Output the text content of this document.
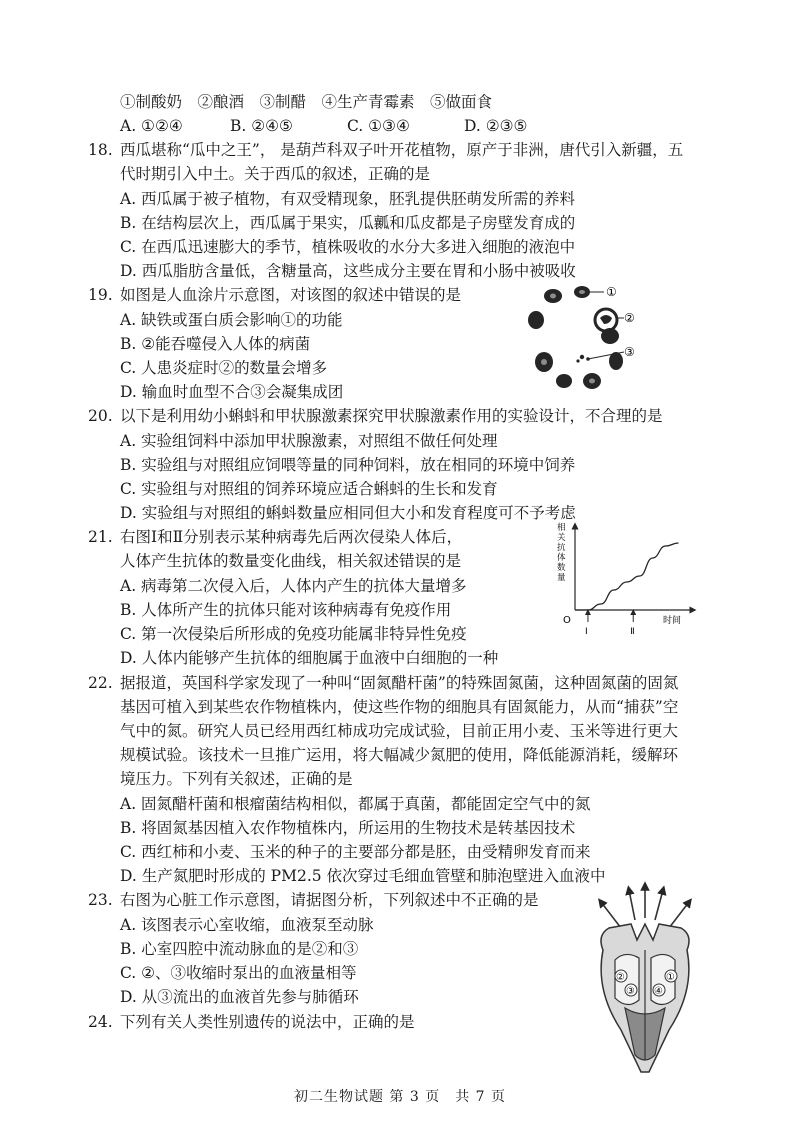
①制酸奶　②酿酒　③制醋　④生产青霉素　⑤做面食
A. ①②④	B. ②④⑤	C. ①③④	D. ②③⑤
18. 西瓜堪称“瓜中之王”， 是葫芦科双子叶开花植物，原产于非洲，唐代引入新疆，五
代时期引入中土。关于西瓜的叙述，正确的是
A. 西瓜属于被子植物，有双受精现象，胚乳提供胚萌发所需的养料
B. 在结构层次上，西瓜属于果实，瓜瓤和瓜皮都是子房壁发育成的
C. 在西瓜迅速膨大的季节，植株吸收的水分大多进入细胞的液泡中
D. 西瓜脂肪含量低，含糖量高，这些成分主要在胃和小肠中被吸收
19. 如图是人血涂片示意图，对该图的叙述中错误的是
A. 缺铁或蛋白质会影响①的功能
B. ②能吞噬侵入人体的病菌
C. 人患炎症时②的数量会增多
D. 输血时血型不合③会凝集成团
①
②
③
20. 以下是利用幼小蝌蚪和甲状腺激素探究甲状腺激素作用的实验设计，不合理的是
A. 实验组饲料中添加甲状腺激素，对照组不做任何处理
B. 实验组与对照组应饲喂等量的同种饲料，放在相同的环境中饲养
C. 实验组与对照组的饲养环境应适合蝌蚪的生长和发育
D. 实验组与对照组的蝌蚪数量应相同但大小和发育程度可不予考虑
21. 右图Ⅰ和Ⅱ分别表示某种病毒先后两次侵染人体后，
人体产生抗体的数量变化曲线，相关叙述错误的是
A. 病毒第二次侵入后，人体内产生的抗体大量增多
B. 人体所产生的抗体只能对该种病毒有免疫作用
C. 第一次侵染后所形成的免疫功能属非特异性免疫
D. 人体内能够产生抗体的细胞属于血液中白细胞的一种
相关抗体数量
时间
O
Ⅰ	Ⅱ
22. 据报道，英国科学家发现了一种叫“固氮醋杆菌”的特殊固氮菌，这种固氮菌的固氮
基因可植入到某些农作物植株内，使这些作物的细胞具有固氮能力，从而“捕获”空
气中的氮。研究人员已经用西红柿成功完成试验，目前正用小麦、玉米等进行更大
规模试验。该技术一旦推广运用，将大幅减少氮肥的使用，降低能源消耗，缓解环
境压力。下列有关叙述，正确的是
A. 固氮醋杆菌和根瘤菌结构相似，都属于真菌，都能固定空气中的氮
B. 将固氮基因植入农作物植株内，所运用的生物技术是转基因技术
C. 西红柿和小麦、玉米的种子的主要部分都是胚，由受精卵发育而来
D. 生产氮肥时形成的 PM2.5 依次穿过毛细血管壁和肺泡壁进入血液中
23. 右图为心脏工作示意图，请据图分析，下列叙述中不正确的是
A. 该图表示心室收缩，血液泵至动脉
B. 心室四腔中流动脉血的是②和③
C. ②、③收缩时泵出的血液量相等
D. 从③流出的血液首先参与肺循环
①
②
③ ④
24. 下列有关人类性别遗传的说法中，正确的是
初二生物试题 第 3 页　共 7 页
